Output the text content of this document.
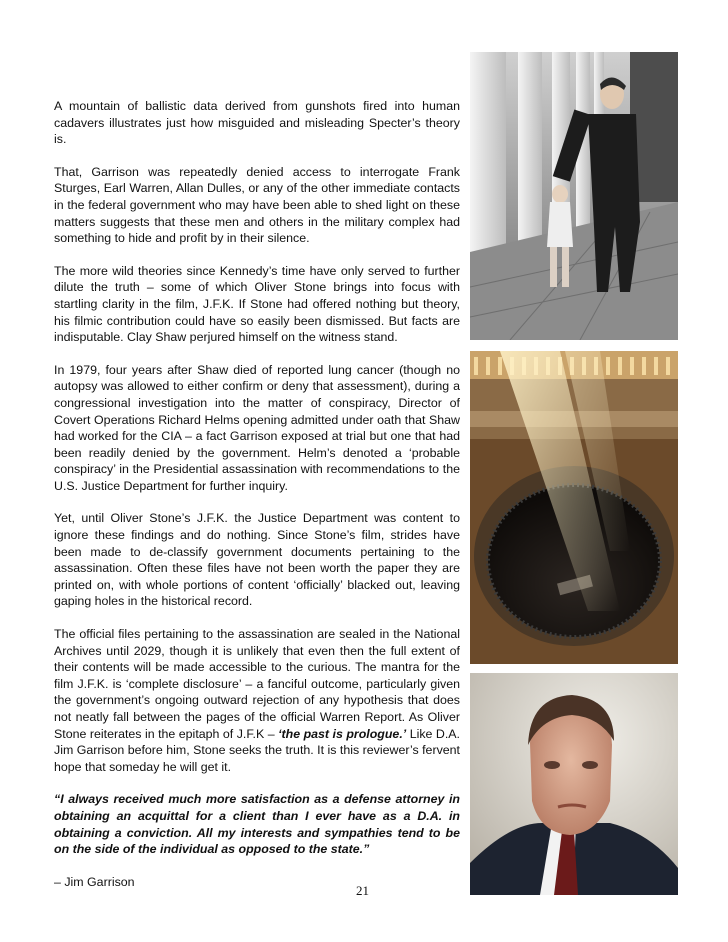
A mountain of ballistic data derived from gunshots fired into human cadavers illustrates just how misguided and misleading Specter’s theory is.

That, Garrison was repeatedly denied access to interrogate Frank Sturges, Earl Warren, Allan Dulles, or any of the other immediate contacts in the federal government who may have been able to shed light on these matters suggests that these men and others in the military complex had something to hide and profit by in their silence.

The more wild theories since Kennedy’s time have only served to further dilute the truth – some of which Oliver Stone brings into focus with startling clarity in the film, J.F.K. If Stone had offered nothing but theory, his filmic contribution could have so easily been dismissed. But facts are indisputable. Clay Shaw perjured himself on the witness stand.

In 1979, four years after Shaw died of reported lung cancer (though no autopsy was allowed to either confirm or deny that assessment), during a congressional investigation into the matter of conspiracy, Director of Covert Operations Richard Helms opening admitted under oath that Shaw had worked for the CIA – a fact Garrison exposed at trial but one that had been readily denied by the government. Helm’s denoted a ‘probable conspiracy’ in the Presidential assassination with recommendations to the U.S. Justice Department for further inquiry.

Yet, until Oliver Stone’s J.F.K. the Justice Department was content to ignore these findings and do nothing. Since Stone’s film, strides have been made to de-classify government documents pertaining to the assassination. Often these files have not been worth the paper they are printed on, with whole portions of content ‘officially’ blacked out, leaving gaping holes in the historical record.

The official files pertaining to the assassination are sealed in the National Archives until 2029, though it is unlikely that even then the full extent of their contents will be made accessible to the curious. The mantra for the film J.F.K. is ‘complete disclosure’ – a fanciful outcome, particularly given the government’s ongoing outward rejection of any hypothesis that does not neatly fall between the pages of the official Warren Report. As Oliver Stone reiterates in the epitaph of J.F.K – ‘the past is prologue.’ Like D.A. Jim Garrison before him, Stone seeks the truth. It is this reviewer’s fervent hope that someday he will get it.

“I always received much more satisfaction as a defense attorney in obtaining an acquittal for a client than I ever have as a D.A. in obtaining a conviction. All my interests and sympathies tend to be on the side of the individual as opposed to the state.”

– Jim Garrison

21
